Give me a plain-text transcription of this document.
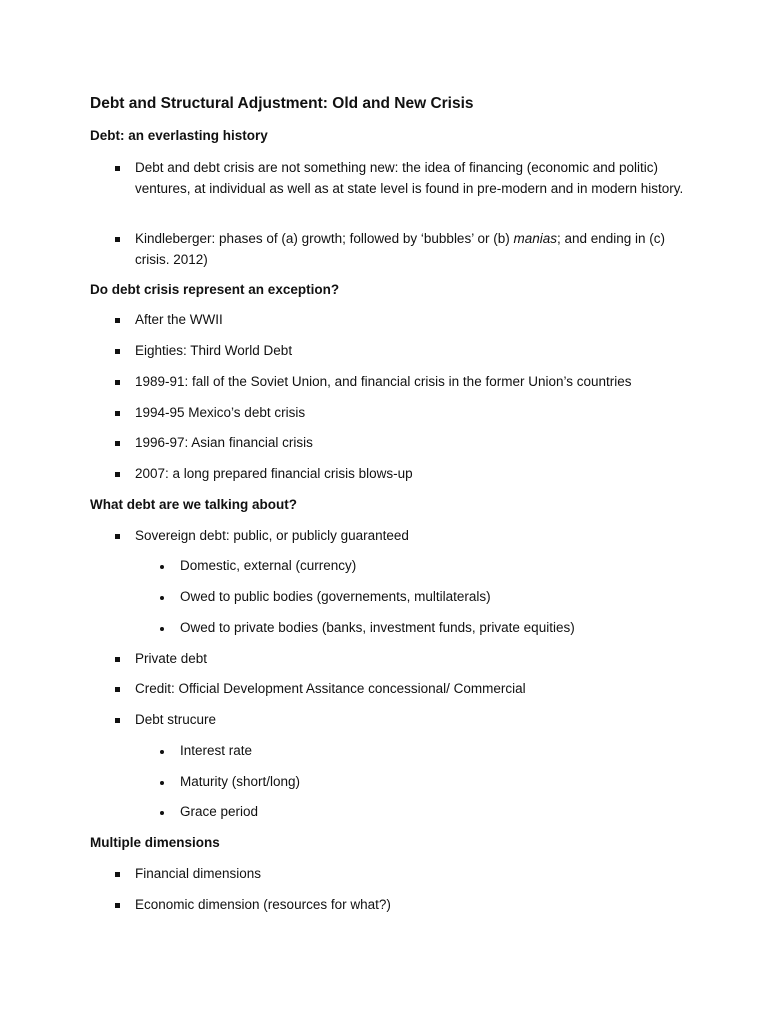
Debt and Structural Adjustment: Old and New Crisis
Debt: an everlasting history
Debt and debt crisis are not something new: the idea of financing (economic and politic) ventures, at individual as well as at state level is found in pre-modern and in modern history.
Kindleberger: phases of (a) growth; followed by ‘bubbles’ or (b) manias; and ending in (c) crisis. 2012)
Do debt crisis represent an exception?
After the WWII
Eighties: Third World Debt
1989-91: fall of the Soviet Union, and financial crisis in the former Union’s countries
1994-95 Mexico’s debt crisis
1996-97: Asian financial crisis
2007: a long prepared financial crisis blows-up
What debt are we talking about?
Sovereign debt: public, or publicly guaranteed
Domestic, external (currency)
Owed to public bodies (governements, multilaterals)
Owed to private bodies (banks, investment funds, private equities)
Private debt
Credit: Official Development Assitance concessional/ Commercial
Debt strucure
Interest rate
Maturity (short/long)
Grace period
Multiple dimensions
Financial dimensions
Economic dimension (resources for what?)
